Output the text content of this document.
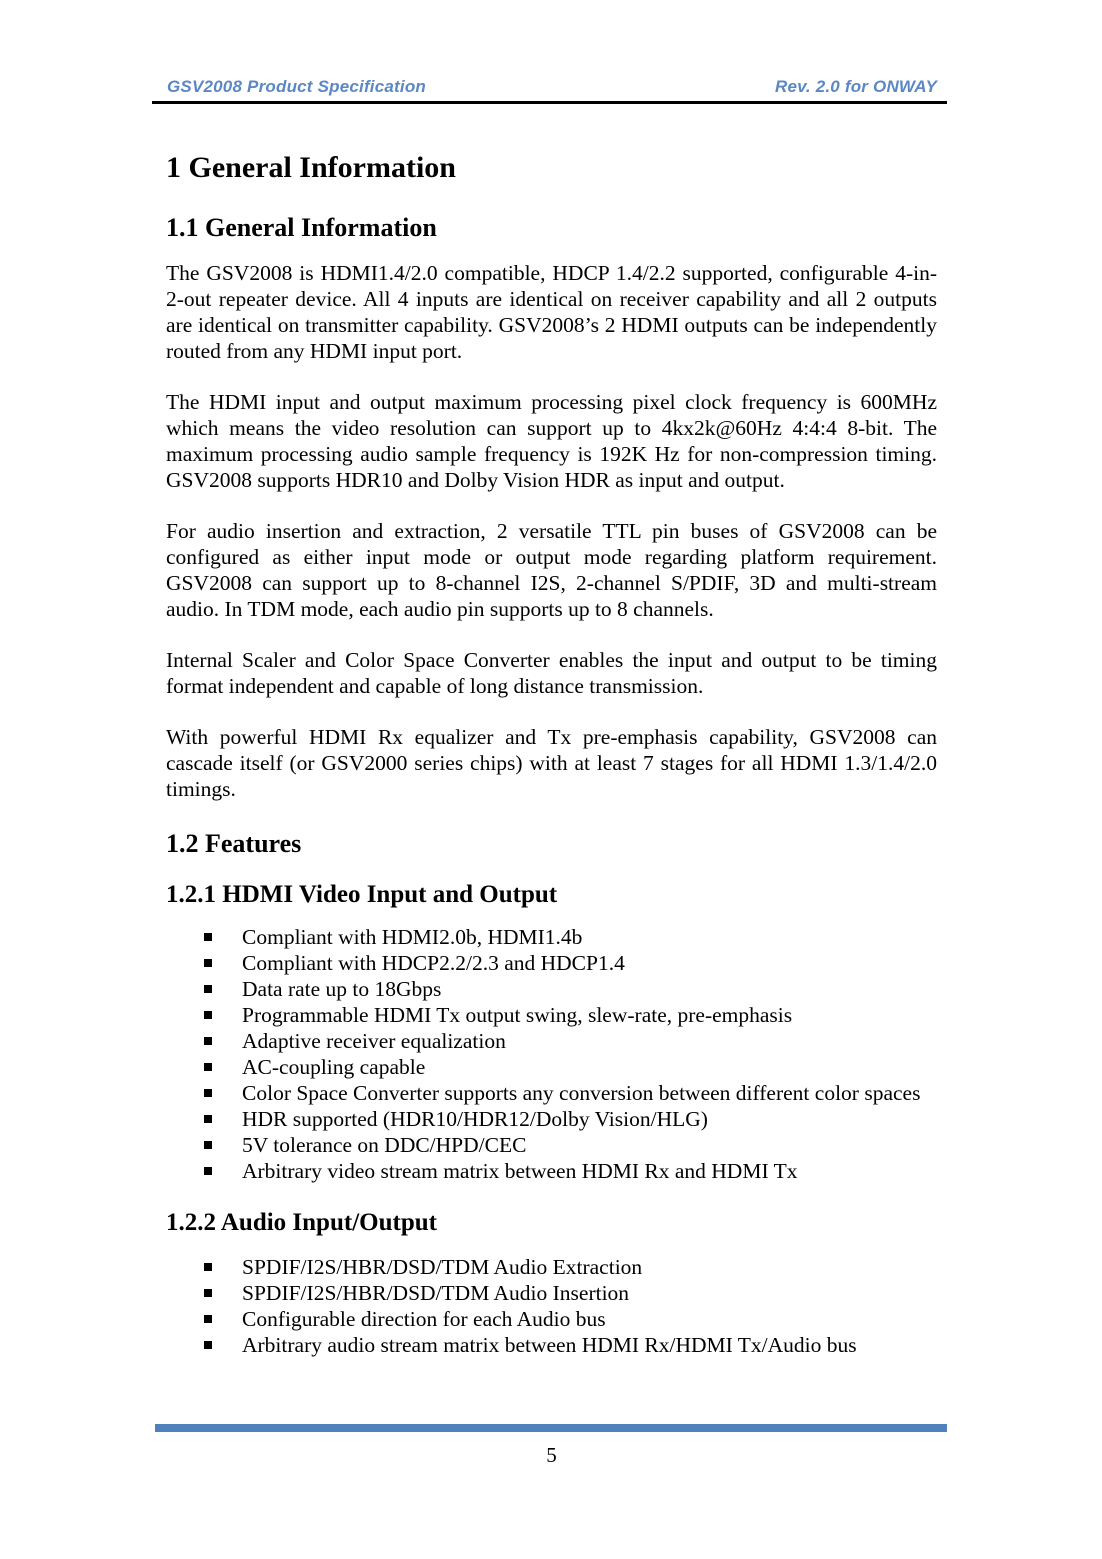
GSV2008 Product Specification	Rev. 2.0 for ONWAY
1 General Information
1.1 General Information

The GSV2008 is HDMI1.4/2.0 compatible, HDCP 1.4/2.2 supported, configurable 4-in-2-out repeater device. All 4 inputs are identical on receiver capability and all 2 outputs are identical on transmitter capability. GSV2008’s 2 HDMI outputs can be independently routed from any HDMI input port.

The HDMI input and output maximum processing pixel clock frequency is 600MHz which means the video resolution can support up to 4kx2k@60Hz 4:4:4 8-bit. The maximum processing audio sample frequency is 192K Hz for non-compression timing. GSV2008 supports HDR10 and Dolby Vision HDR as input and output.

For audio insertion and extraction, 2 versatile TTL pin buses of GSV2008 can be configured as either input mode or output mode regarding platform requirement. GSV2008 can support up to 8-channel I2S, 2-channel S/PDIF, 3D and multi-stream audio. In TDM mode, each audio pin supports up to 8 channels.

Internal Scaler and Color Space Converter enables the input and output to be timing format independent and capable of long distance transmission.

With powerful HDMI Rx equalizer and Tx pre-emphasis capability, GSV2008 can cascade itself (or GSV2000 series chips) with at least 7 stages for all HDMI 1.3/1.4/2.0 timings.

1.2 Features
1.2.1 HDMI Video Input and Output
Compliant with HDMI2.0b, HDMI1.4b
Compliant with HDCP2.2/2.3 and HDCP1.4
Data rate up to 18Gbps
Programmable HDMI Tx output swing, slew-rate, pre-emphasis
Adaptive receiver equalization
AC-coupling capable
Color Space Converter supports any conversion between different color spaces
HDR supported (HDR10/HDR12/Dolby Vision/HLG)
5V tolerance on DDC/HPD/CEC
Arbitrary video stream matrix between HDMI Rx and HDMI Tx
1.2.2 Audio Input/Output
SPDIF/I2S/HBR/DSD/TDM Audio Extraction
SPDIF/I2S/HBR/DSD/TDM Audio Insertion
Configurable direction for each Audio bus
Arbitrary audio stream matrix between HDMI Rx/HDMI Tx/Audio bus
5
